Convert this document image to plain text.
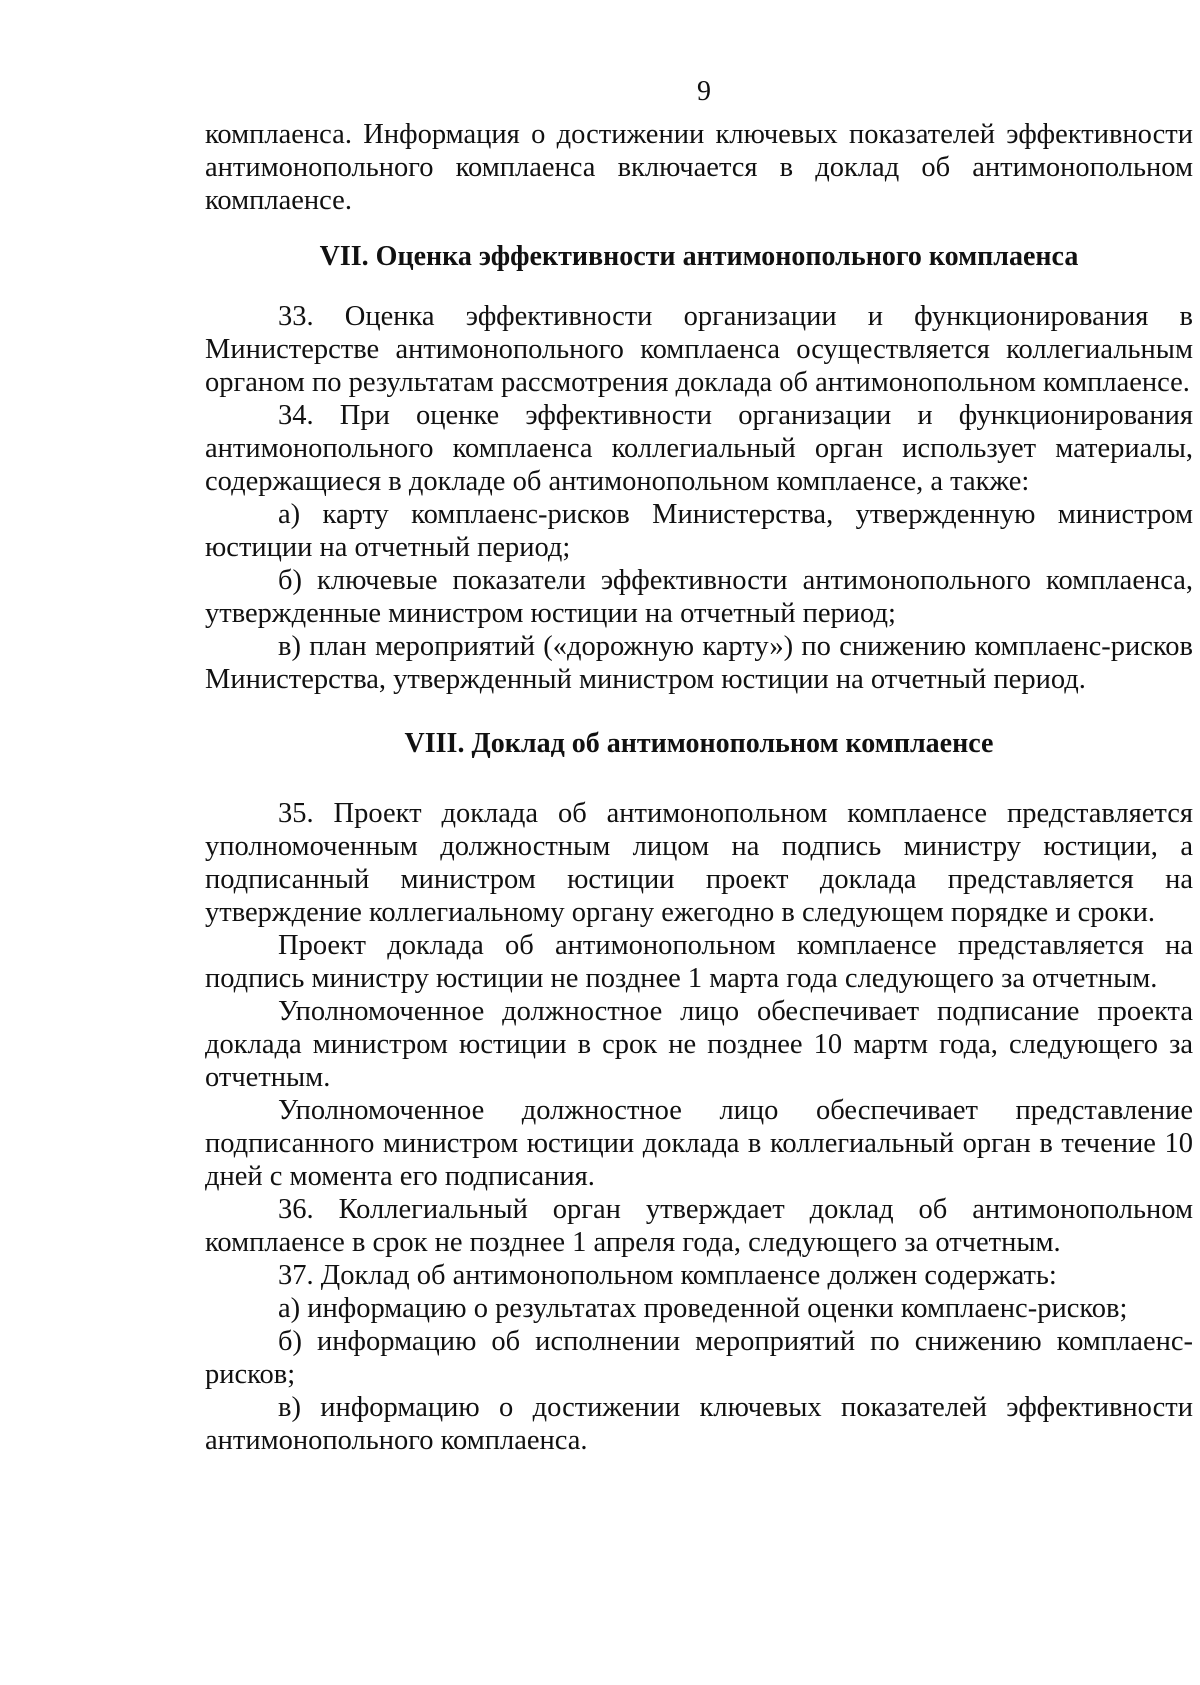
9

комплаенса. Информация о достижении ключевых показателей эффективности антимонопольного комплаенса включается в доклад об антимонопольном комплаенсе.

VII. Оценка эффективности антимонопольного комплаенса

33. Оценка эффективности организации и функционирования в Министерстве антимонопольного комплаенса осуществляется коллегиальным органом по результатам рассмотрения доклада об антимонопольном комплаенсе.

34. При оценке эффективности организации и функционирования антимонопольного комплаенса коллегиальный орган использует материалы, содержащиеся в докладе об антимонопольном комплаенсе, а также:

а) карту комплаенс-рисков Министерства, утвержденную министром юстиции на отчетный период;

б) ключевые показатели эффективности антимонопольного комплаенса, утвержденные министром юстиции на отчетный период;

в) план мероприятий («дорожную карту») по снижению комплаенс-рисков Министерства, утвержденный министром юстиции на отчетный период.

VIII. Доклад об антимонопольном комплаенсе

35. Проект доклада об антимонопольном комплаенсе представляется уполномоченным должностным лицом на подпись министру юстиции, а подписанный министром юстиции проект доклада представляется на утверждение коллегиальному органу ежегодно в следующем порядке и сроки.

Проект доклада об антимонопольном комплаенсе представляется на подпись министру юстиции не позднее 1 марта года следующего за отчетным.

Уполномоченное должностное лицо обеспечивает подписание проекта доклада министром юстиции в срок не позднее 10 мартм года, следующего за отчетным.

Уполномоченное должностное лицо обеспечивает представление подписанного министром юстиции доклада в коллегиальный орган в течение 10 дней с момента его подписания.

36. Коллегиальный орган утверждает доклад об антимонопольном комплаенсе в срок не позднее 1 апреля года, следующего за отчетным.

37. Доклад об антимонопольном комплаенсе должен содержать:

а) информацию о результатах проведенной оценки комплаенс-рисков;

б) информацию об исполнении мероприятий по снижению комплаенс-рисков;

в) информацию о достижении ключевых показателей эффективности антимонопольного комплаенса.
